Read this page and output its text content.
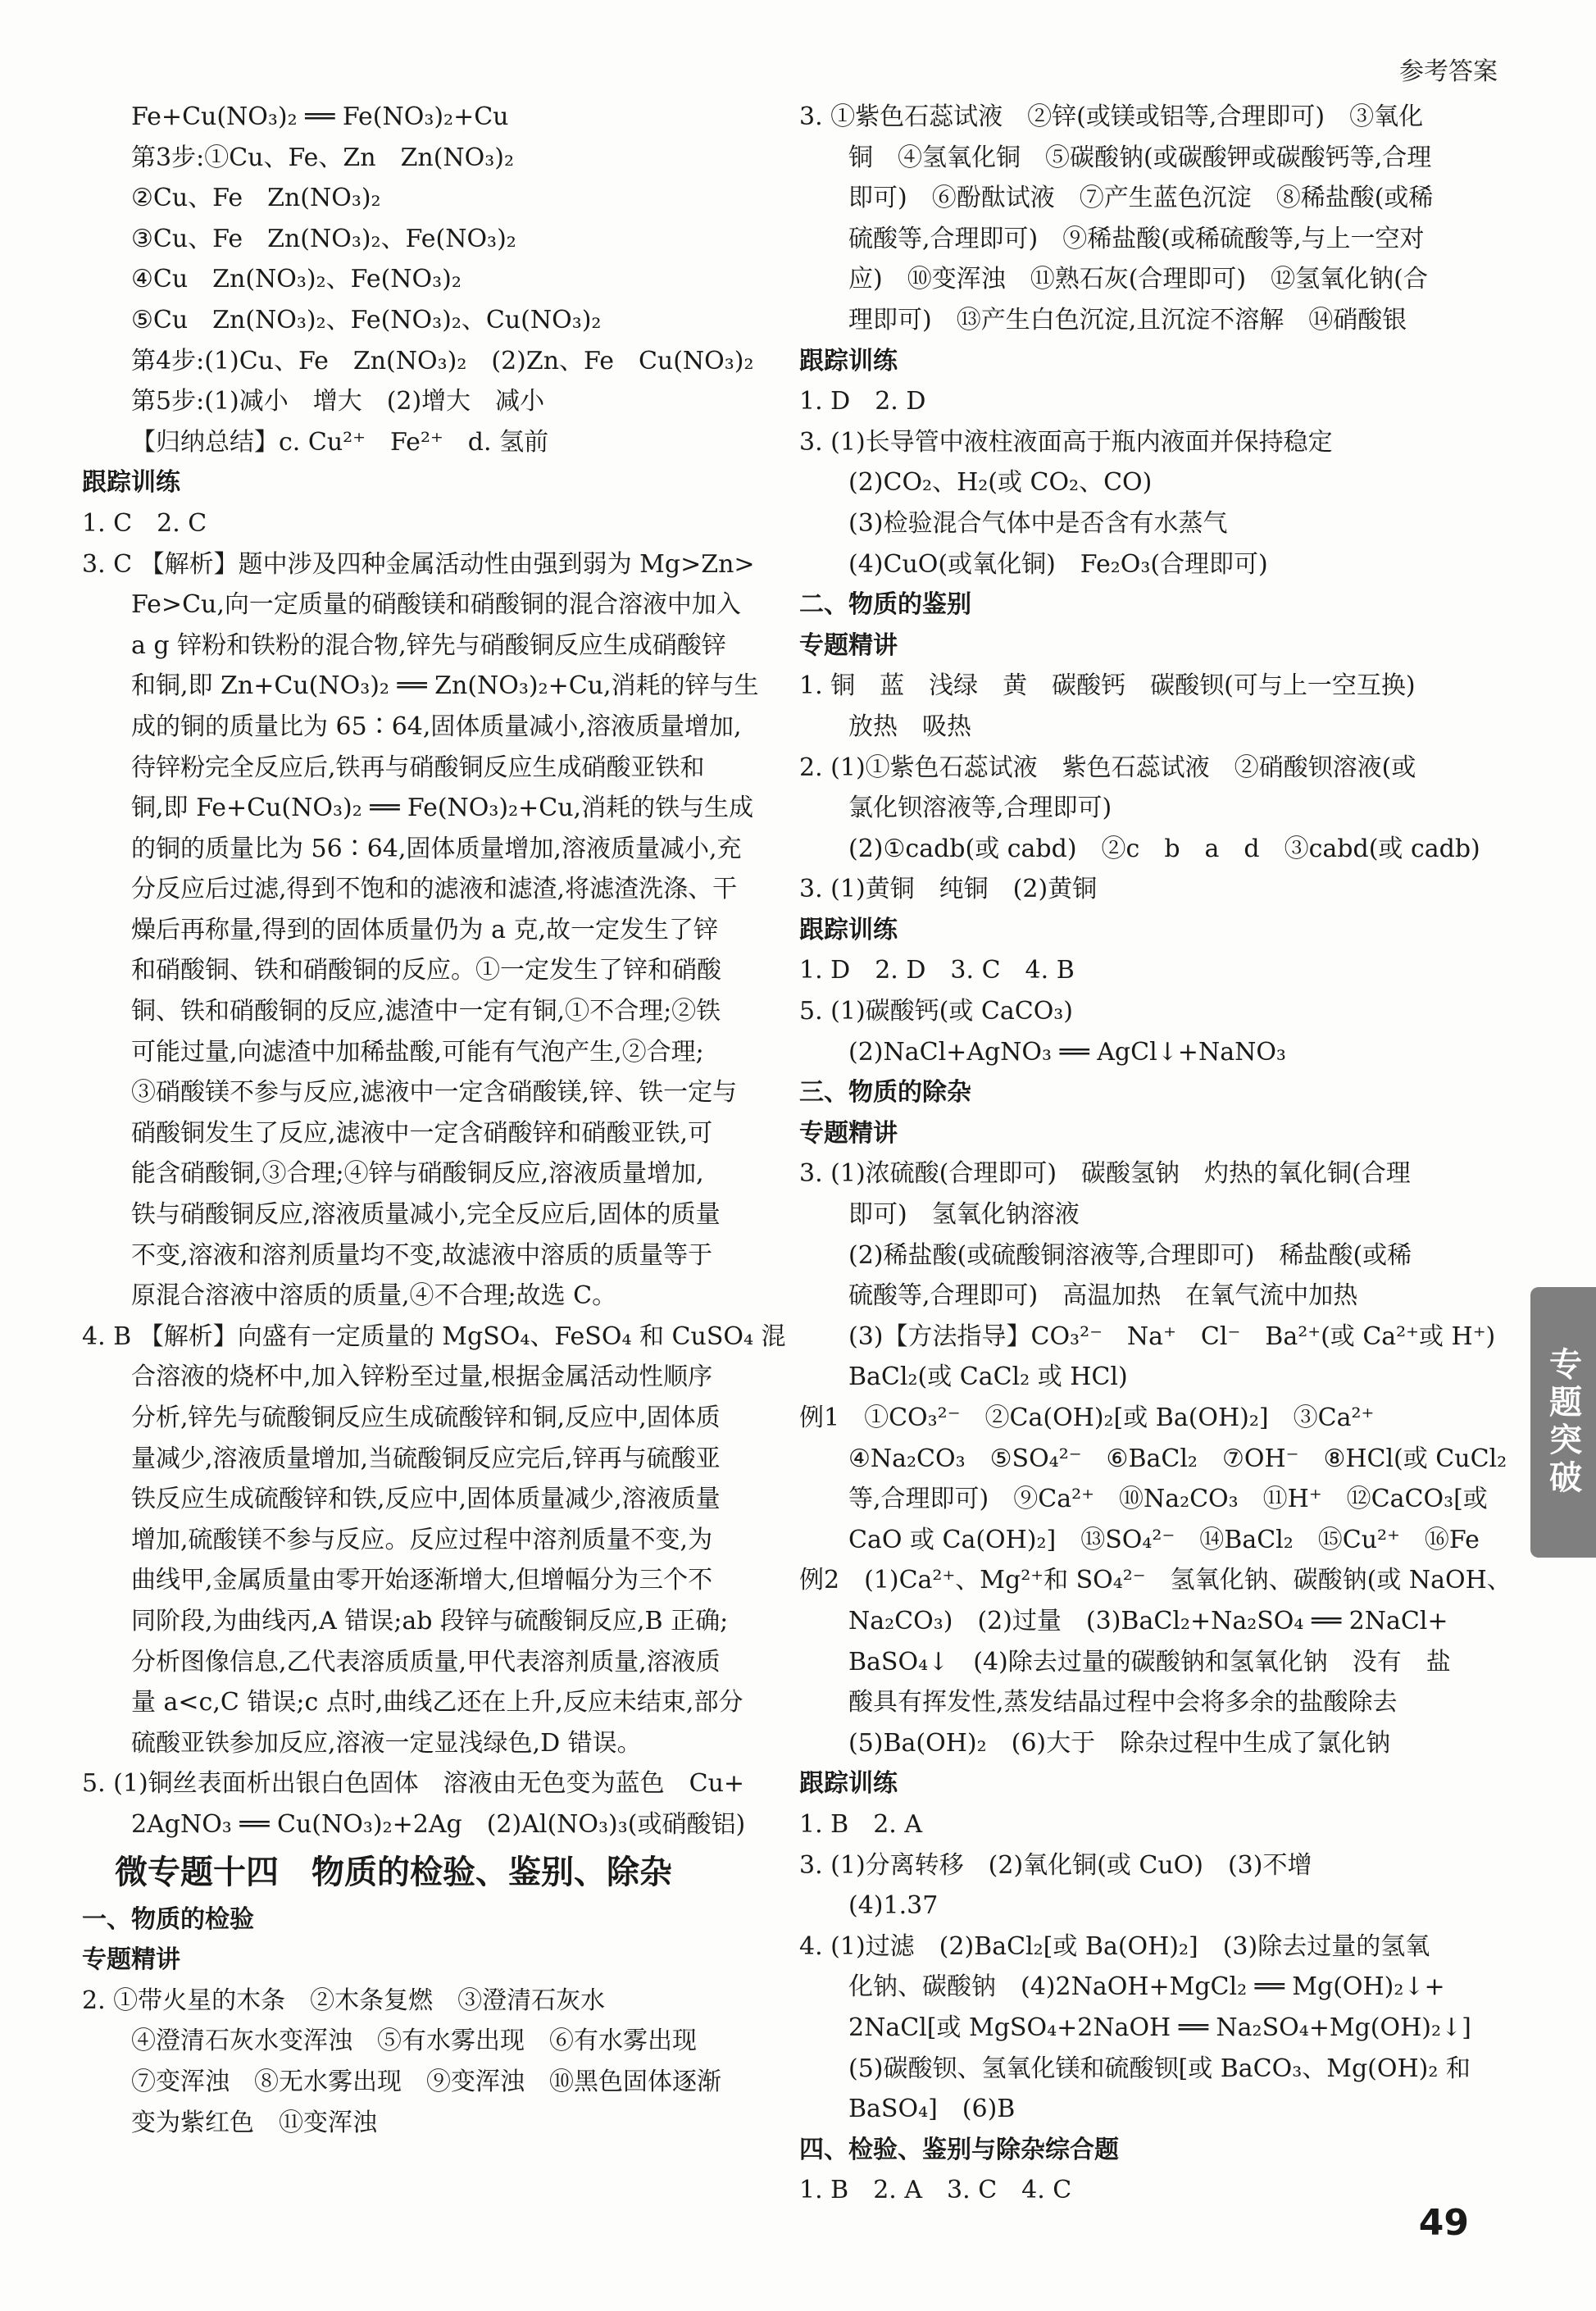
参考答案
Fe+Cu(NO₃)₂ ══ Fe(NO₃)₂+Cu
第3步:①Cu、Fe、Zn　Zn(NO₃)₂
②Cu、Fe　Zn(NO₃)₂
③Cu、Fe　Zn(NO₃)₂、Fe(NO₃)₂
④Cu　Zn(NO₃)₂、Fe(NO₃)₂
⑤Cu　Zn(NO₃)₂、Fe(NO₃)₂、Cu(NO₃)₂
第4步:(1)Cu、Fe　Zn(NO₃)₂　(2)Zn、Fe　Cu(NO₃)₂
第5步:(1)减小　增大　(2)增大　减小
【归纳总结】c. Cu²⁺　Fe²⁺　d. 氢前
跟踪训练
1. C　2. C
3. C 【解析】题中涉及四种金属活动性由强到弱为 Mg>Zn>
Fe>Cu,向一定质量的硝酸镁和硝酸铜的混合溶液中加入
a g 锌粉和铁粉的混合物,锌先与硝酸铜反应生成硝酸锌
和铜,即 Zn+Cu(NO₃)₂ ══ Zn(NO₃)₂+Cu,消耗的锌与生
成的铜的质量比为 65∶64,固体质量减小,溶液质量增加,
待锌粉完全反应后,铁再与硝酸铜反应生成硝酸亚铁和
铜,即 Fe+Cu(NO₃)₂ ══ Fe(NO₃)₂+Cu,消耗的铁与生成
的铜的质量比为 56∶64,固体质量增加,溶液质量减小,充
分反应后过滤,得到不饱和的滤液和滤渣,将滤渣洗涤、干
燥后再称量,得到的固体质量仍为 a 克,故一定发生了锌
和硝酸铜、铁和硝酸铜的反应。①一定发生了锌和硝酸
铜、铁和硝酸铜的反应,滤渣中一定有铜,①不合理;②铁
可能过量,向滤渣中加稀盐酸,可能有气泡产生,②合理;
③硝酸镁不参与反应,滤液中一定含硝酸镁,锌、铁一定与
硝酸铜发生了反应,滤液中一定含硝酸锌和硝酸亚铁,可
能含硝酸铜,③合理;④锌与硝酸铜反应,溶液质量增加,
铁与硝酸铜反应,溶液质量减小,完全反应后,固体的质量
不变,溶液和溶剂质量均不变,故滤液中溶质的质量等于
原混合溶液中溶质的质量,④不合理;故选 C。
4. B 【解析】向盛有一定质量的 MgSO₄、FeSO₄ 和 CuSO₄ 混
合溶液的烧杯中,加入锌粉至过量,根据金属活动性顺序
分析,锌先与硫酸铜反应生成硫酸锌和铜,反应中,固体质
量减少,溶液质量增加,当硫酸铜反应完后,锌再与硫酸亚
铁反应生成硫酸锌和铁,反应中,固体质量减少,溶液质量
增加,硫酸镁不参与反应。反应过程中溶剂质量不变,为
曲线甲,金属质量由零开始逐渐增大,但增幅分为三个不
同阶段,为曲线丙,A 错误;ab 段锌与硫酸铜反应,B 正确;
分析图像信息,乙代表溶质质量,甲代表溶剂质量,溶液质
量 a<c,C 错误;c 点时,曲线乙还在上升,反应未结束,部分
硫酸亚铁参加反应,溶液一定显浅绿色,D 错误。
5. (1)铜丝表面析出银白色固体　溶液由无色变为蓝色　Cu+
2AgNO₃ ══ Cu(NO₃)₂+2Ag　(2)Al(NO₃)₃(或硝酸铝)
微专题十四　物质的检验、鉴别、除杂
一、物质的检验
专题精讲
2. ①带火星的木条　②木条复燃　③澄清石灰水
④澄清石灰水变浑浊　⑤有水雾出现　⑥有水雾出现
⑦变浑浊　⑧无水雾出现　⑨变浑浊　⑩黑色固体逐渐
变为紫红色　⑪变浑浊
3. ①紫色石蕊试液　②锌(或镁或铝等,合理即可)　③氧化
铜　④氢氧化铜　⑤碳酸钠(或碳酸钾或碳酸钙等,合理
即可)　⑥酚酞试液　⑦产生蓝色沉淀　⑧稀盐酸(或稀
硫酸等,合理即可)　⑨稀盐酸(或稀硫酸等,与上一空对
应)　⑩变浑浊　⑪熟石灰(合理即可)　⑫氢氧化钠(合
理即可)　⑬产生白色沉淀,且沉淀不溶解　⑭硝酸银
跟踪训练
1. D　2. D
3. (1)长导管中液柱液面高于瓶内液面并保持稳定
(2)CO₂、H₂(或 CO₂、CO)
(3)检验混合气体中是否含有水蒸气
(4)CuO(或氧化铜)　Fe₂O₃(合理即可)
二、物质的鉴别
专题精讲
1. 铜　蓝　浅绿　黄　碳酸钙　碳酸钡(可与上一空互换)
放热　吸热
2. (1)①紫色石蕊试液　紫色石蕊试液　②硝酸钡溶液(或
氯化钡溶液等,合理即可)
(2)①cadb(或 cabd)　②c　b　a　d　③cabd(或 cadb)
3. (1)黄铜　纯铜　(2)黄铜
跟踪训练
1. D　2. D　3. C　4. B
5. (1)碳酸钙(或 CaCO₃)
(2)NaCl+AgNO₃ ══ AgCl↓+NaNO₃
三、物质的除杂
专题精讲
3. (1)浓硫酸(合理即可)　碳酸氢钠　灼热的氧化铜(合理
即可)　氢氧化钠溶液
(2)稀盐酸(或硫酸铜溶液等,合理即可)　稀盐酸(或稀
硫酸等,合理即可)　高温加热　在氧气流中加热
(3)【方法指导】CO₃²⁻　Na⁺　Cl⁻　Ba²⁺(或 Ca²⁺或 H⁺)
BaCl₂(或 CaCl₂ 或 HCl)
例1　①CO₃²⁻　②Ca(OH)₂[或 Ba(OH)₂]　③Ca²⁺
④Na₂CO₃　⑤SO₄²⁻　⑥BaCl₂　⑦OH⁻　⑧HCl(或 CuCl₂
等,合理即可)　⑨Ca²⁺　⑩Na₂CO₃　⑪H⁺　⑫CaCO₃[或
CaO 或 Ca(OH)₂]　⑬SO₄²⁻　⑭BaCl₂　⑮Cu²⁺　⑯Fe
例2　(1)Ca²⁺、Mg²⁺和 SO₄²⁻　氢氧化钠、碳酸钠(或 NaOH、
Na₂CO₃)　(2)过量　(3)BaCl₂+Na₂SO₄ ══ 2NaCl+
BaSO₄↓　(4)除去过量的碳酸钠和氢氧化钠　没有　盐
酸具有挥发性,蒸发结晶过程中会将多余的盐酸除去
(5)Ba(OH)₂　(6)大于　除杂过程中生成了氯化钠
跟踪训练
1. B　2. A
3. (1)分离转移　(2)氧化铜(或 CuO)　(3)不增
(4)1.37
4. (1)过滤　(2)BaCl₂[或 Ba(OH)₂]　(3)除去过量的氢氧
化钠、碳酸钠　(4)2NaOH+MgCl₂ ══ Mg(OH)₂↓+
2NaCl[或 MgSO₄+2NaOH ══ Na₂SO₄+Mg(OH)₂↓]
(5)碳酸钡、氢氧化镁和硫酸钡[或 BaCO₃、Mg(OH)₂ 和
BaSO₄]　(6)B
四、检验、鉴别与除杂综合题
1. B　2. A　3. C　4. C
专题突破
49
